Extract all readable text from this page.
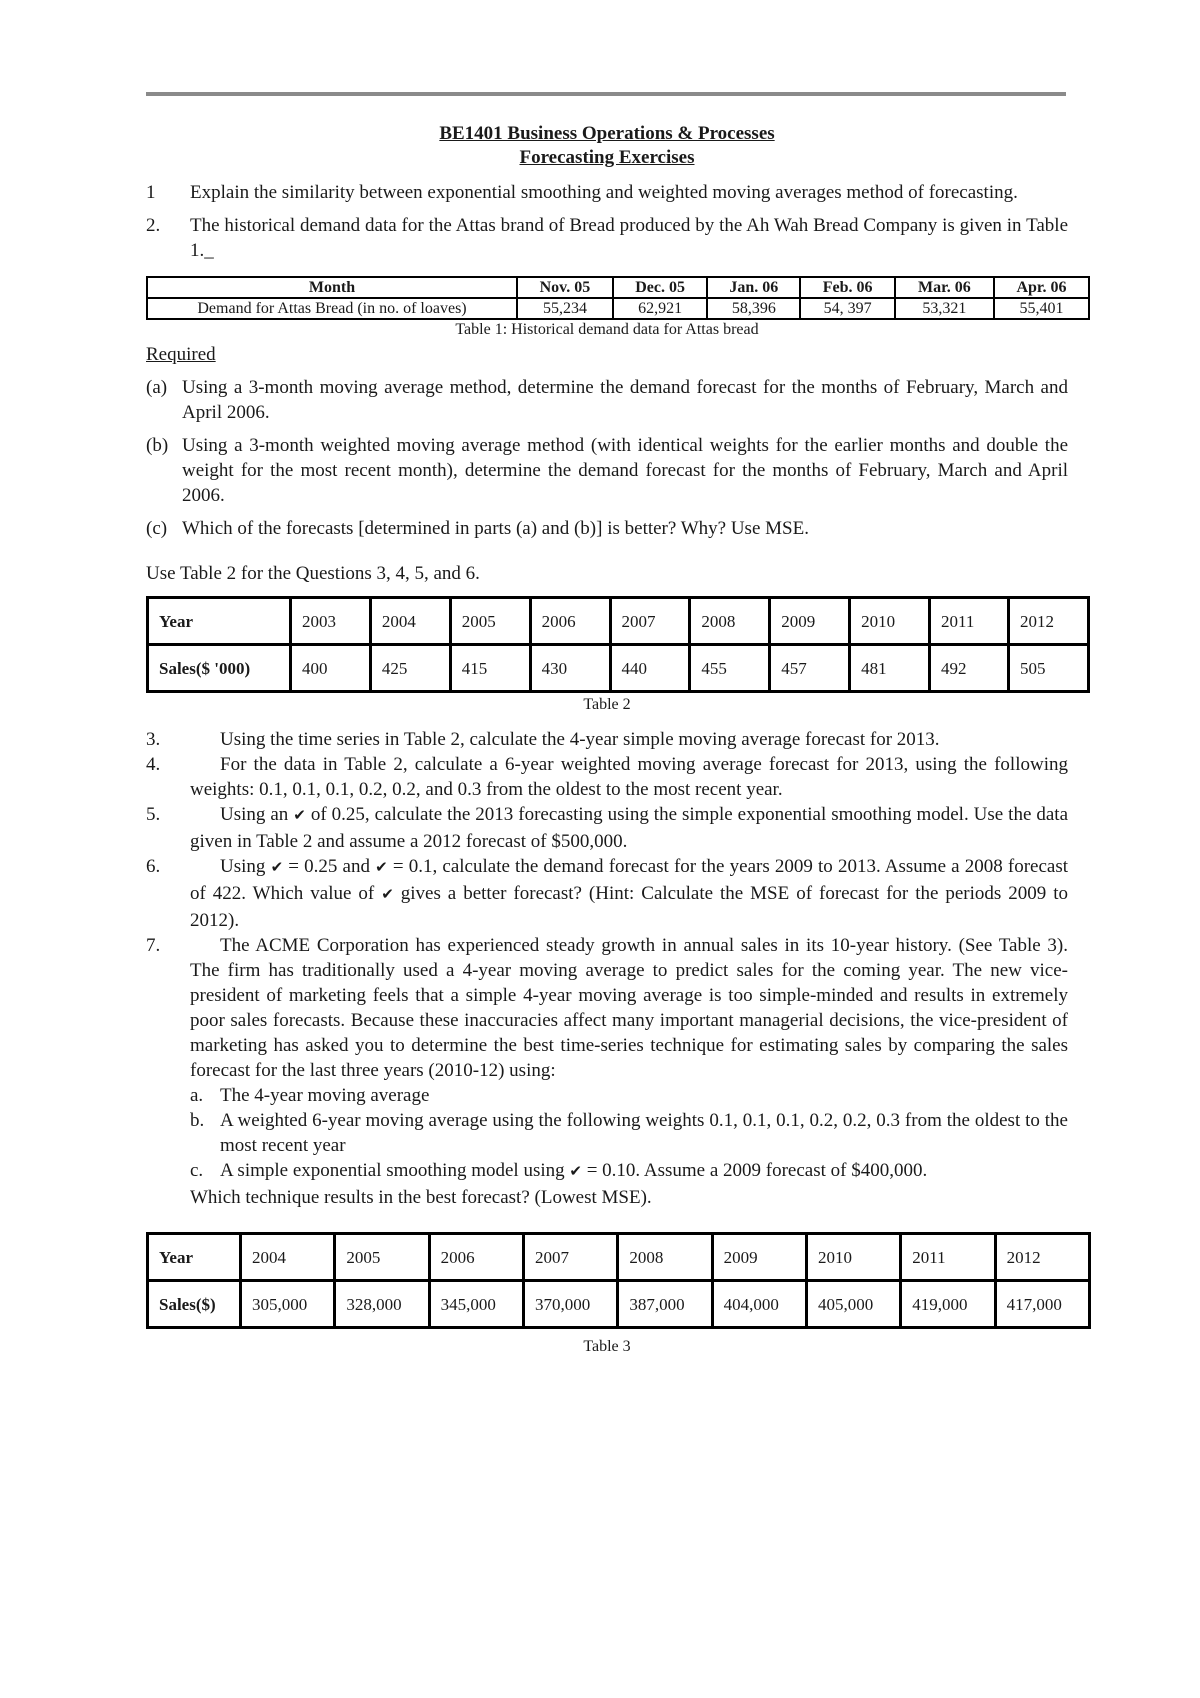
BE1401 Business Operations & Processes
Forecasting Exercises
1	Explain the similarity between exponential smoothing and weighted moving averages method of forecasting.
2.	The historical demand data for the Attas brand of Bread produced by the Ah Wah Bread Company is given in Table 1._
Month	Nov. 05	Dec. 05	Jan. 06	Feb. 06	Mar. 06	Apr. 06
Demand for Attas Bread (in no. of loaves)	55,234	62,921	58,396	54, 397	53,321	55,401
Table 1: Historical demand data for Attas bread
Required
(a) Using a 3-month moving average method, determine the demand forecast for the months of February, March and April 2006.
(b) Using a 3-month weighted moving average method (with identical weights for the earlier months and double the weight for the most recent month), determine the demand forecast for the months of February, March and April 2006.
(c) Which of the forecasts [determined in parts (a) and (b)] is better? Why? Use MSE.
Use Table 2 for the Questions 3, 4, 5, and 6.
Year	2003	2004	2005	2006	2007	2008	2009	2010	2011	2012
Sales($ '000)	400	425	415	430	440	455	457	481	492	505
Table 2
3.	Using the time series in Table 2, calculate the 4-year simple moving average forecast for 2013.
4.	For the data in Table 2, calculate a 6-year weighted moving average forecast for 2013, using the following weights: 0.1, 0.1, 0.1, 0.2, 0.2, and 0.3 from the oldest to the most recent year.
5.	Using an ✔ of 0.25, calculate the 2013 forecasting using the simple exponential smoothing model. Use the data given in Table 2 and assume a 2012 forecast of $500,000.
6.	Using ✔ = 0.25 and ✔ = 0.1, calculate the demand forecast for the years 2009 to 2013. Assume a 2008 forecast of 422. Which value of ✔ gives a better forecast? (Hint: Calculate the MSE of forecast for the periods 2009 to 2012).
7.	The ACME Corporation has experienced steady growth in annual sales in its 10-year history. (See Table 3). The firm has traditionally used a 4-year moving average to predict sales for the coming year. The new vice-president of marketing feels that a simple 4-year moving average is too simple-minded and results in extremely poor sales forecasts. Because these inaccuracies affect many important managerial decisions, the vice-president of marketing has asked you to determine the best time-series technique for estimating sales by comparing the sales forecast for the last three years (2010-12) using:
a. The 4-year moving average
b. A weighted 6-year moving average using the following weights 0.1, 0.1, 0.1, 0.2, 0.2, 0.3 from the oldest to the most recent year
c. A simple exponential smoothing model using ✔ = 0.10. Assume a 2009 forecast of $400,000.
Which technique results in the best forecast? (Lowest MSE).
Year	2004	2005	2006	2007	2008	2009	2010	2011	2012
Sales($)	305,000	328,000	345,000	370,000	387,000	404,000	405,000	419,000	417,000
Table 3
